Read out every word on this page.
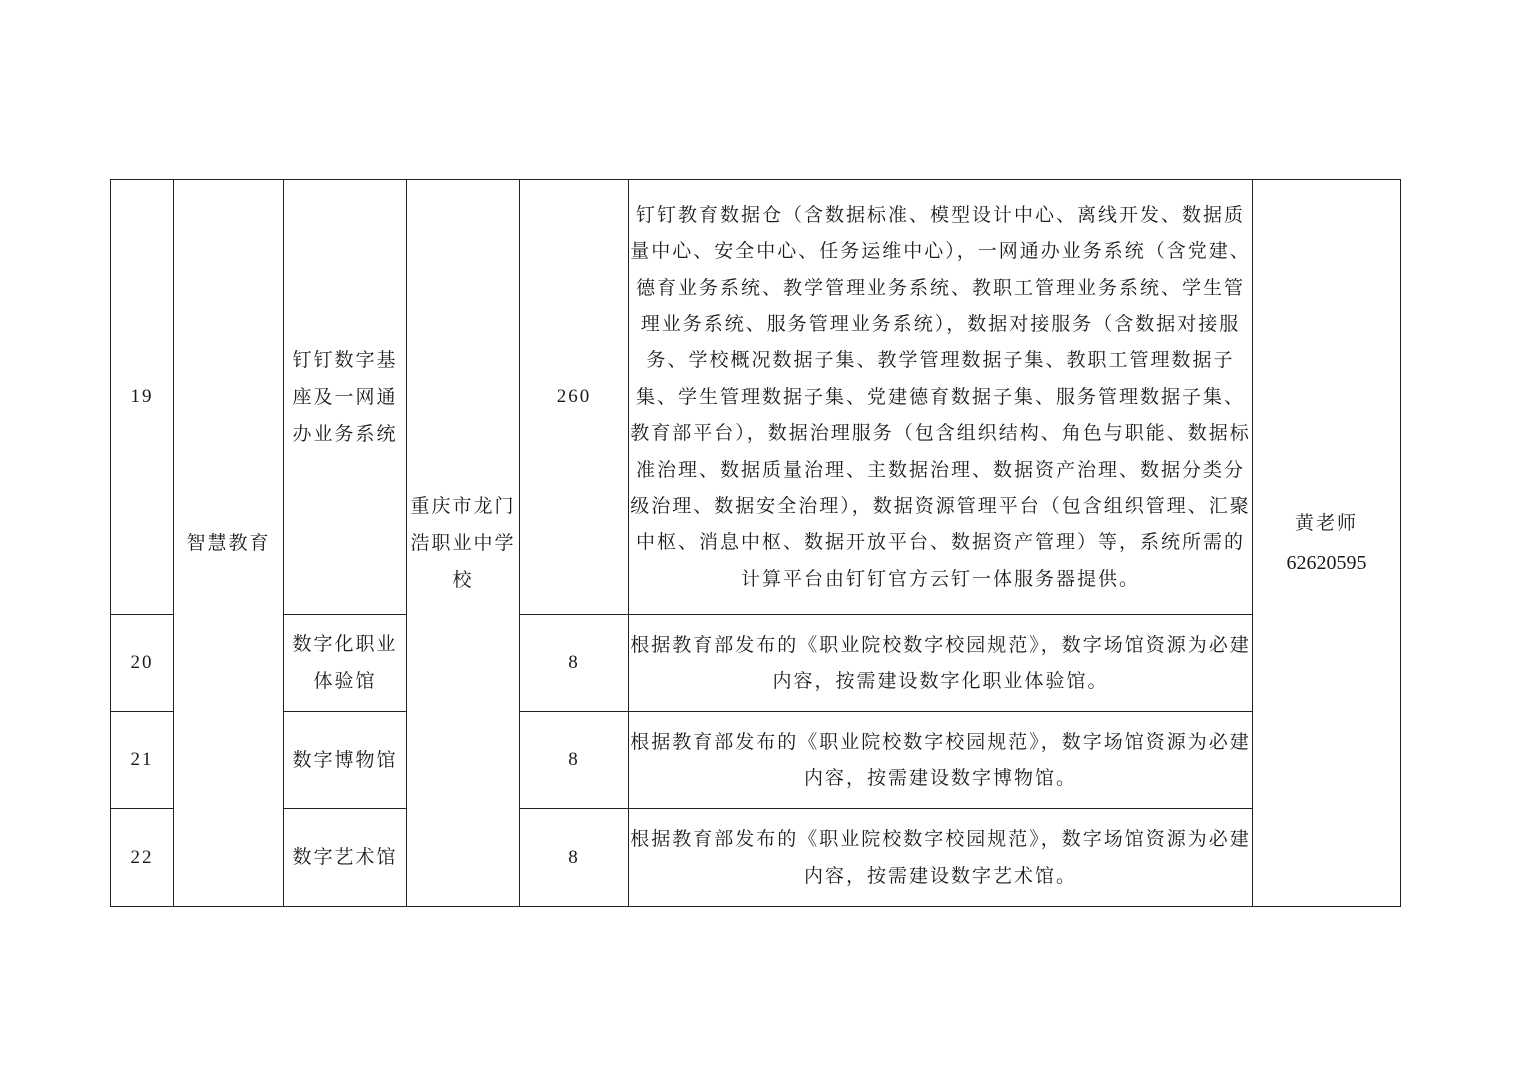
19	智慧教育	钉钉数字基座及一网通办业务系统	重庆市龙门浩职业中学校	260	钉钉教育数据仓（含数据标准、模型设计中心、离线开发、数据质量中心、安全中心、任务运维中心），一网通办业务系统（含党建、德育业务系统、教学管理业务系统、教职工管理业务系统、学生管理业务系统、服务管理业务系统），数据对接服务（含数据对接服务、学校概况数据子集、教学管理数据子集、教职工管理数据子集、学生管理数据子集、党建德育数据子集、服务管理数据子集、教育部平台），数据治理服务（包含组织结构、角色与职能、数据标准治理、数据质量治理、主数据治理、数据资产治理、数据分类分级治理、数据安全治理），数据资源管理平台（包含组织管理、汇聚中枢、消息中枢、数据开放平台、数据资产管理）等，系统所需的计算平台由钉钉官方云钉一体服务器提供。	黄老师
62620595

20		数字化职业体验馆		8	根据教育部发布的《职业院校数字校园规范》，数字场馆资源为必建内容，按需建设数字化职业体验馆。	
21		数字博物馆		8	根据教育部发布的《职业院校数字校园规范》，数字场馆资源为必建内容，按需建设数字博物馆。	
22		数字艺术馆		8	根据教育部发布的《职业院校数字校园规范》，数字场馆资源为必建内容，按需建设数字艺术馆。	
